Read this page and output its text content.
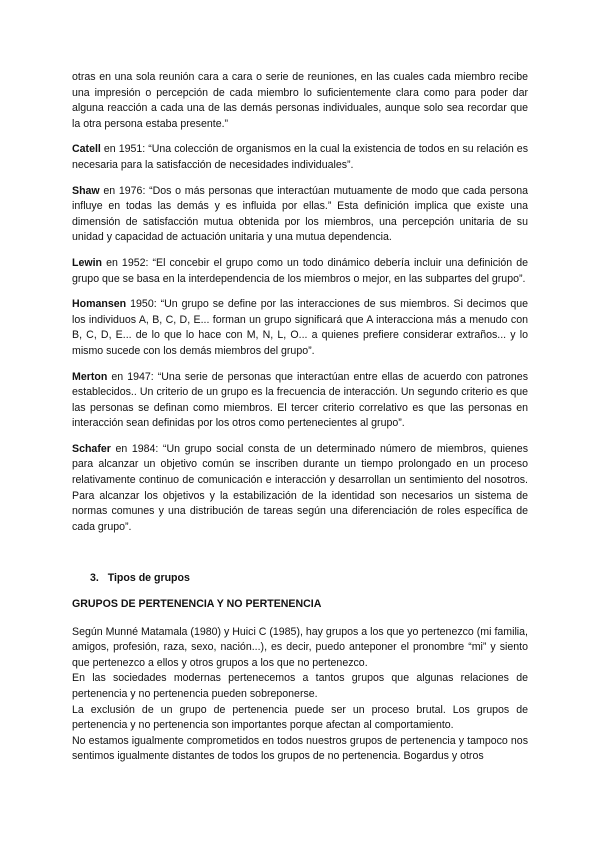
otras en una sola reunión cara a cara o serie de reuniones, en las cuales cada miembro recibe una impresión o percepción de cada miembro lo suficientemente clara como para poder dar alguna reacción a cada una de las demás personas individuales, aunque solo sea recordar que la otra persona estaba presente.”

Catell en 1951: “Una colección de organismos en la cual la existencia de todos en su relación es necesaria para la satisfacción de necesidades individuales”.

Shaw en 1976: “Dos o más personas que interactúan mutuamente de modo que cada persona influye en todas las demás y es influida por ellas.” Esta definición implica que existe una dimensión de satisfacción mutua obtenida por los miembros, una percepción unitaria de su unidad y capacidad de actuación unitaria y una mutua dependencia.

Lewin en 1952: “El concebir el grupo como un todo dinámico debería incluir una definición de grupo que se basa en la interdependencia de los miembros o mejor, en las subpartes del grupo”.

Homansen 1950: “Un grupo se define por las interacciones de sus miembros. Si decimos que los individuos A, B, C, D, E... forman un grupo significará que A interacciona más a menudo con B, C, D, E... de lo que lo hace con M, N, L, O... a quienes prefiere considerar extraños... y lo mismo sucede con los demás miembros del grupo”.

Merton en 1947: “Una serie de personas que interactúan entre ellas de acuerdo con patrones establecidos.. Un criterio de un grupo es la frecuencia de interacción. Un segundo criterio es que las personas se definan como miembros. El tercer criterio correlativo es que las personas en interacción sean definidas por los otros como pertenecientes al grupo”.

Schafer en 1984: “Un grupo social consta de un determinado número de miembros, quienes para alcanzar un objetivo común se inscriben durante un tiempo prolongado en un proceso relativamente continuo de comunicación e interacción y desarrollan un sentimiento del nosotros. Para alcanzar los objetivos y la estabilización de la identidad son necesarios un sistema de normas comunes y una distribución de tareas según una diferenciación de roles específica de cada grupo”.

3. Tipos de grupos

GRUPOS DE PERTENENCIA Y NO PERTENENCIA

Según Munné Matamala (1980) y Huici C (1985), hay grupos a los que yo pertenezco (mi familia, amigos, profesión, raza, sexo, nación...), es decir, puedo anteponer el pronombre “mi” y siento que pertenezco a ellos y otros grupos a los que no pertenezco.

En las sociedades modernas pertenecemos a tantos grupos que algunas relaciones de pertenencia y no pertenencia pueden sobreponerse.

La exclusión de un grupo de pertenencia puede ser un proceso brutal. Los grupos de pertenencia y no pertenencia son importantes porque afectan al comportamiento.

No estamos igualmente comprometidos en todos nuestros grupos de pertenencia y tampoco nos sentimos igualmente distantes de todos los grupos de no pertenencia. Bogardus y otros
